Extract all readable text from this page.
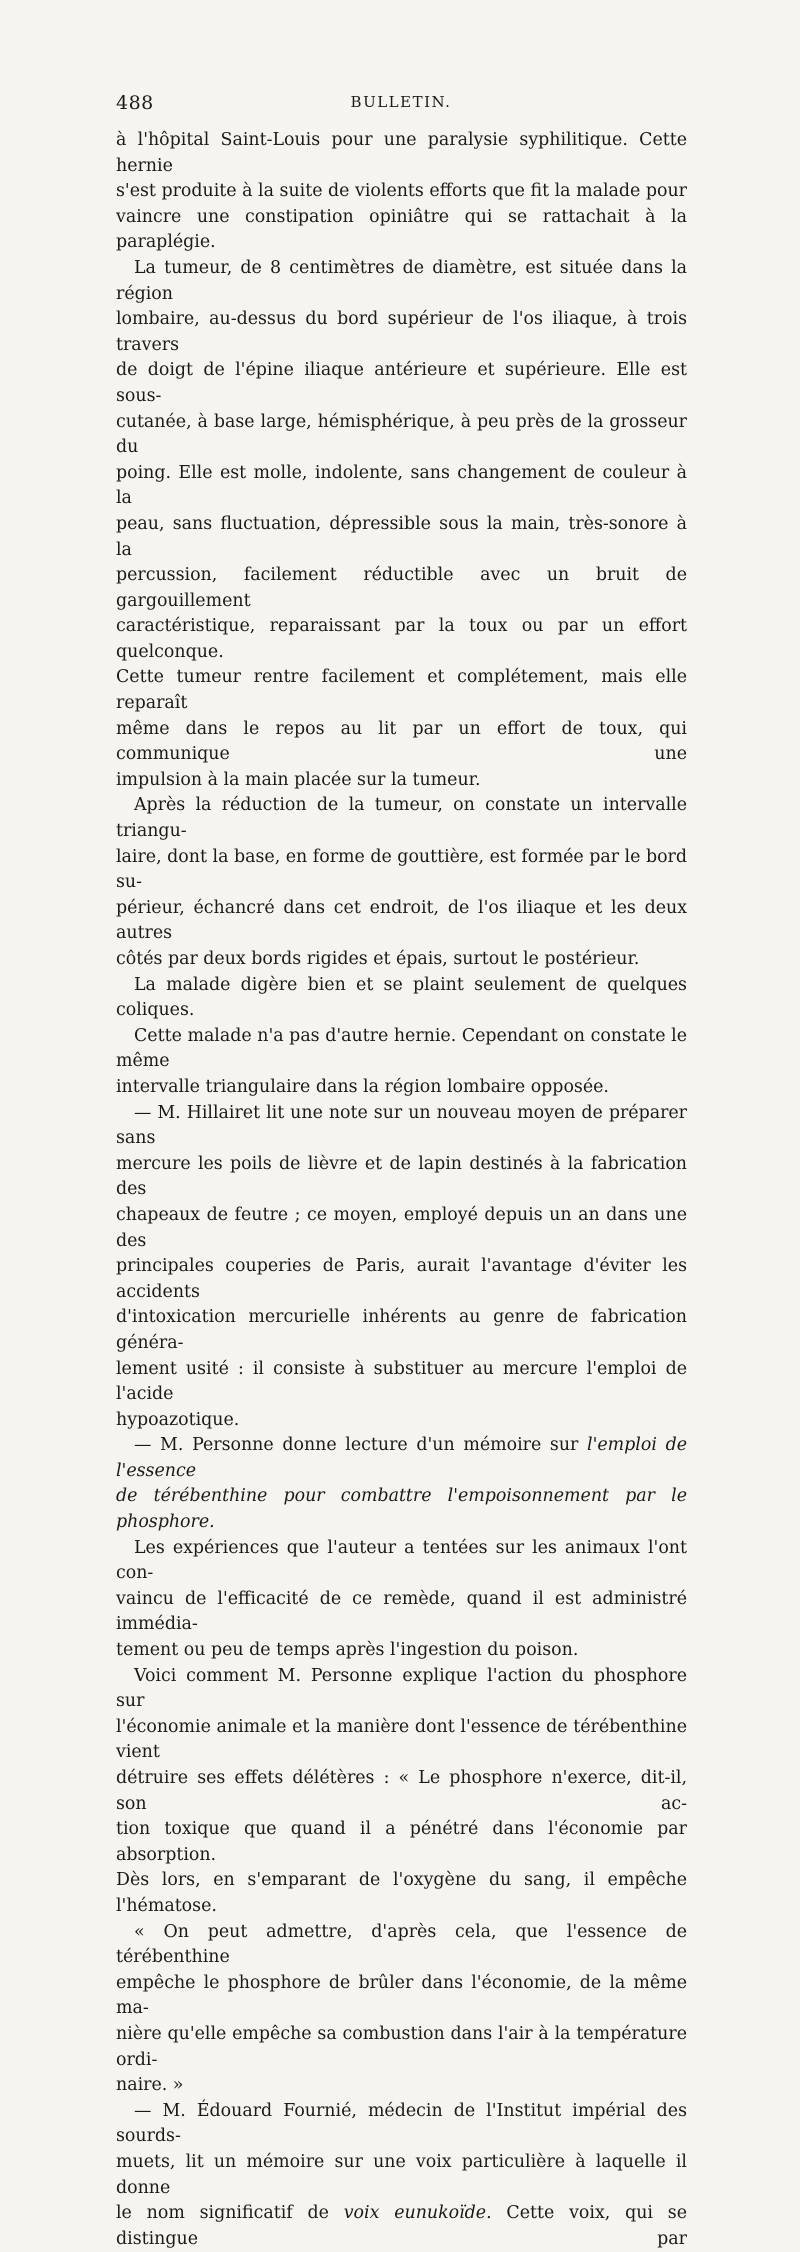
488	BULLETIN.

à l'hôpital Saint-Louis pour une paralysie syphilitique. Cette hernie

s'est produite à la suite de violents efforts que fit la malade pour

vaincre une constipation opiniâtre qui se rattachait à la paraplégie.

La tumeur, de 8 centimètres de diamètre, est située dans la région

lombaire, au-dessus du bord supérieur de l'os iliaque, à trois travers

de doigt de l'épine iliaque antérieure et supérieure. Elle est sous-

cutanée, à base large, hémisphérique, à peu près de la grosseur du

poing. Elle est molle, indolente, sans changement de couleur à la

peau, sans fluctuation, dépressible sous la main, très-sonore à la

percussion, facilement réductible avec un bruit de gargouillement

caractéristique, reparaissant par la toux ou par un effort quelconque.

Cette tumeur rentre facilement et complétement, mais elle reparaît

même dans le repos au lit par un effort de toux, qui communique une

impulsion à la main placée sur la tumeur.

Après la réduction de la tumeur, on constate un intervalle triangu-

laire, dont la base, en forme de gouttière, est formée par le bord su-

périeur, échancré dans cet endroit, de l'os iliaque et les deux autres

côtés par deux bords rigides et épais, surtout le postérieur.

La malade digère bien et se plaint seulement de quelques coliques.

Cette malade n'a pas d'autre hernie. Cependant on constate le même

intervalle triangulaire dans la région lombaire opposée.

— M. Hillairet lit une note sur un nouveau moyen de préparer sans

mercure les poils de lièvre et de lapin destinés à la fabrication des

chapeaux de feutre ; ce moyen, employé depuis un an dans une des

principales couperies de Paris, aurait l'avantage d'éviter les accidents

d'intoxication mercurielle inhérents au genre de fabrication généra-

lement usité : il consiste à substituer au mercure l'emploi de l'acide

hypoazotique.

— M. Personne donne lecture d'un mémoire sur l'emploi de l'essence

de térébenthine pour combattre l'empoisonnement par le phosphore.

Les expériences que l'auteur a tentées sur les animaux l'ont con-

vaincu de l'efficacité de ce remède, quand il est administré immédia-

tement ou peu de temps après l'ingestion du poison.

Voici comment M. Personne explique l'action du phosphore sur

l'économie animale et la manière dont l'essence de térébenthine vient

détruire ses effets délétères : « Le phosphore n'exerce, dit-il, son ac-

tion toxique que quand il a pénétré dans l'économie par absorption.

Dès lors, en s'emparant de l'oxygène du sang, il empêche l'hématose.

« On peut admettre, d'après cela, que l'essence de térébenthine

empêche le phosphore de brûler dans l'économie, de la même ma-

nière qu'elle empêche sa combustion dans l'air à la température ordi-

naire. »

— M. Édouard Fournié, médecin de l'Institut impérial des sourds-

muets, lit un mémoire sur une voix particulière à laquelle il donne

le nom significatif de voix eunukoïde. Cette voix, qui se distingue par
